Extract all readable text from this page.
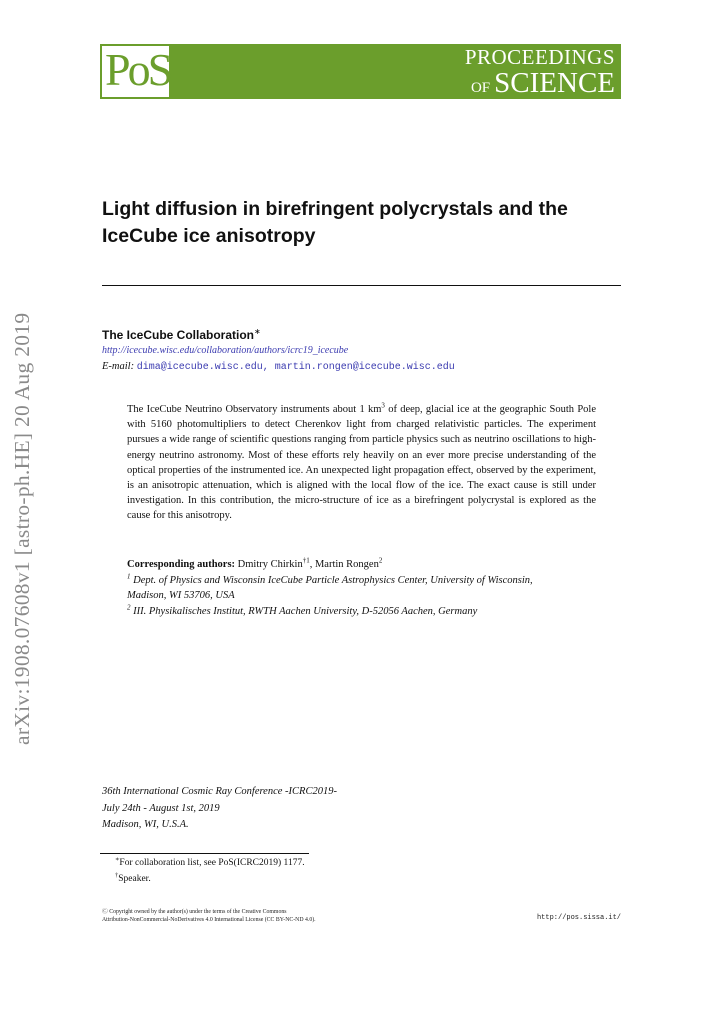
PoS	PROCEEDINGS
OF SCIENCE
arXiv:1908.07608v1 [astro-ph.HE] 20 Aug 2019
Light diffusion in birefringent polycrystals and the
IceCube ice anisotropy
The IceCube Collaboration∗
http://icecube.wisc.edu/collaboration/authors/icrc19_icecube
E-mail: dima@icecube.wisc.edu, martin.rongen@icecube.wisc.edu
The IceCube Neutrino Observatory instruments about 1 $km^3$ of deep, glacial ice at the geographic South Pole with 5160 photomultipliers to detect Cherenkov light from charged relativistic particles. The experiment pursues a wide range of scientific questions ranging from particle physics such as neutrino oscillations to high-energy neutrino astronomy. Most of these efforts rely heavily on an ever more precise understanding of the optical properties of the instrumented ice. An unexpected light propagation effect, observed by the experiment, is an anisotropic attenuation, which is aligned with the local flow of the ice. The exact cause is still under investigation. In this contribution, the micro-structure of ice as a birefringent polycrystal is explored as the cause for this anisotropy.
Corresponding authors: Dmitry Chirkin$^{\dagger 1}$, Martin Rongen$^2$
$^1$ Dept. of Physics and Wisconsin IceCube Particle Astrophysics Center, University of Wisconsin,
Madison, WI 53706, USA
$^2$ III. Physikalisches Institut, RWTH Aachen University, D-52056 Aachen, Germany
36th International Cosmic Ray Conference -ICRC2019-
July 24th - August 1st, 2019
Madison, WI, U.S.A.
∗For collaboration list, see PoS(ICRC2019) 1177.
†Speaker.
Ⓒ Copyright owned by the author(s) under the terms of the Creative Commons
Attribution-NonCommercial-NoDerivatives 4.0 International License (CC BY-NC-ND 4.0).	http://pos.sissa.it/
